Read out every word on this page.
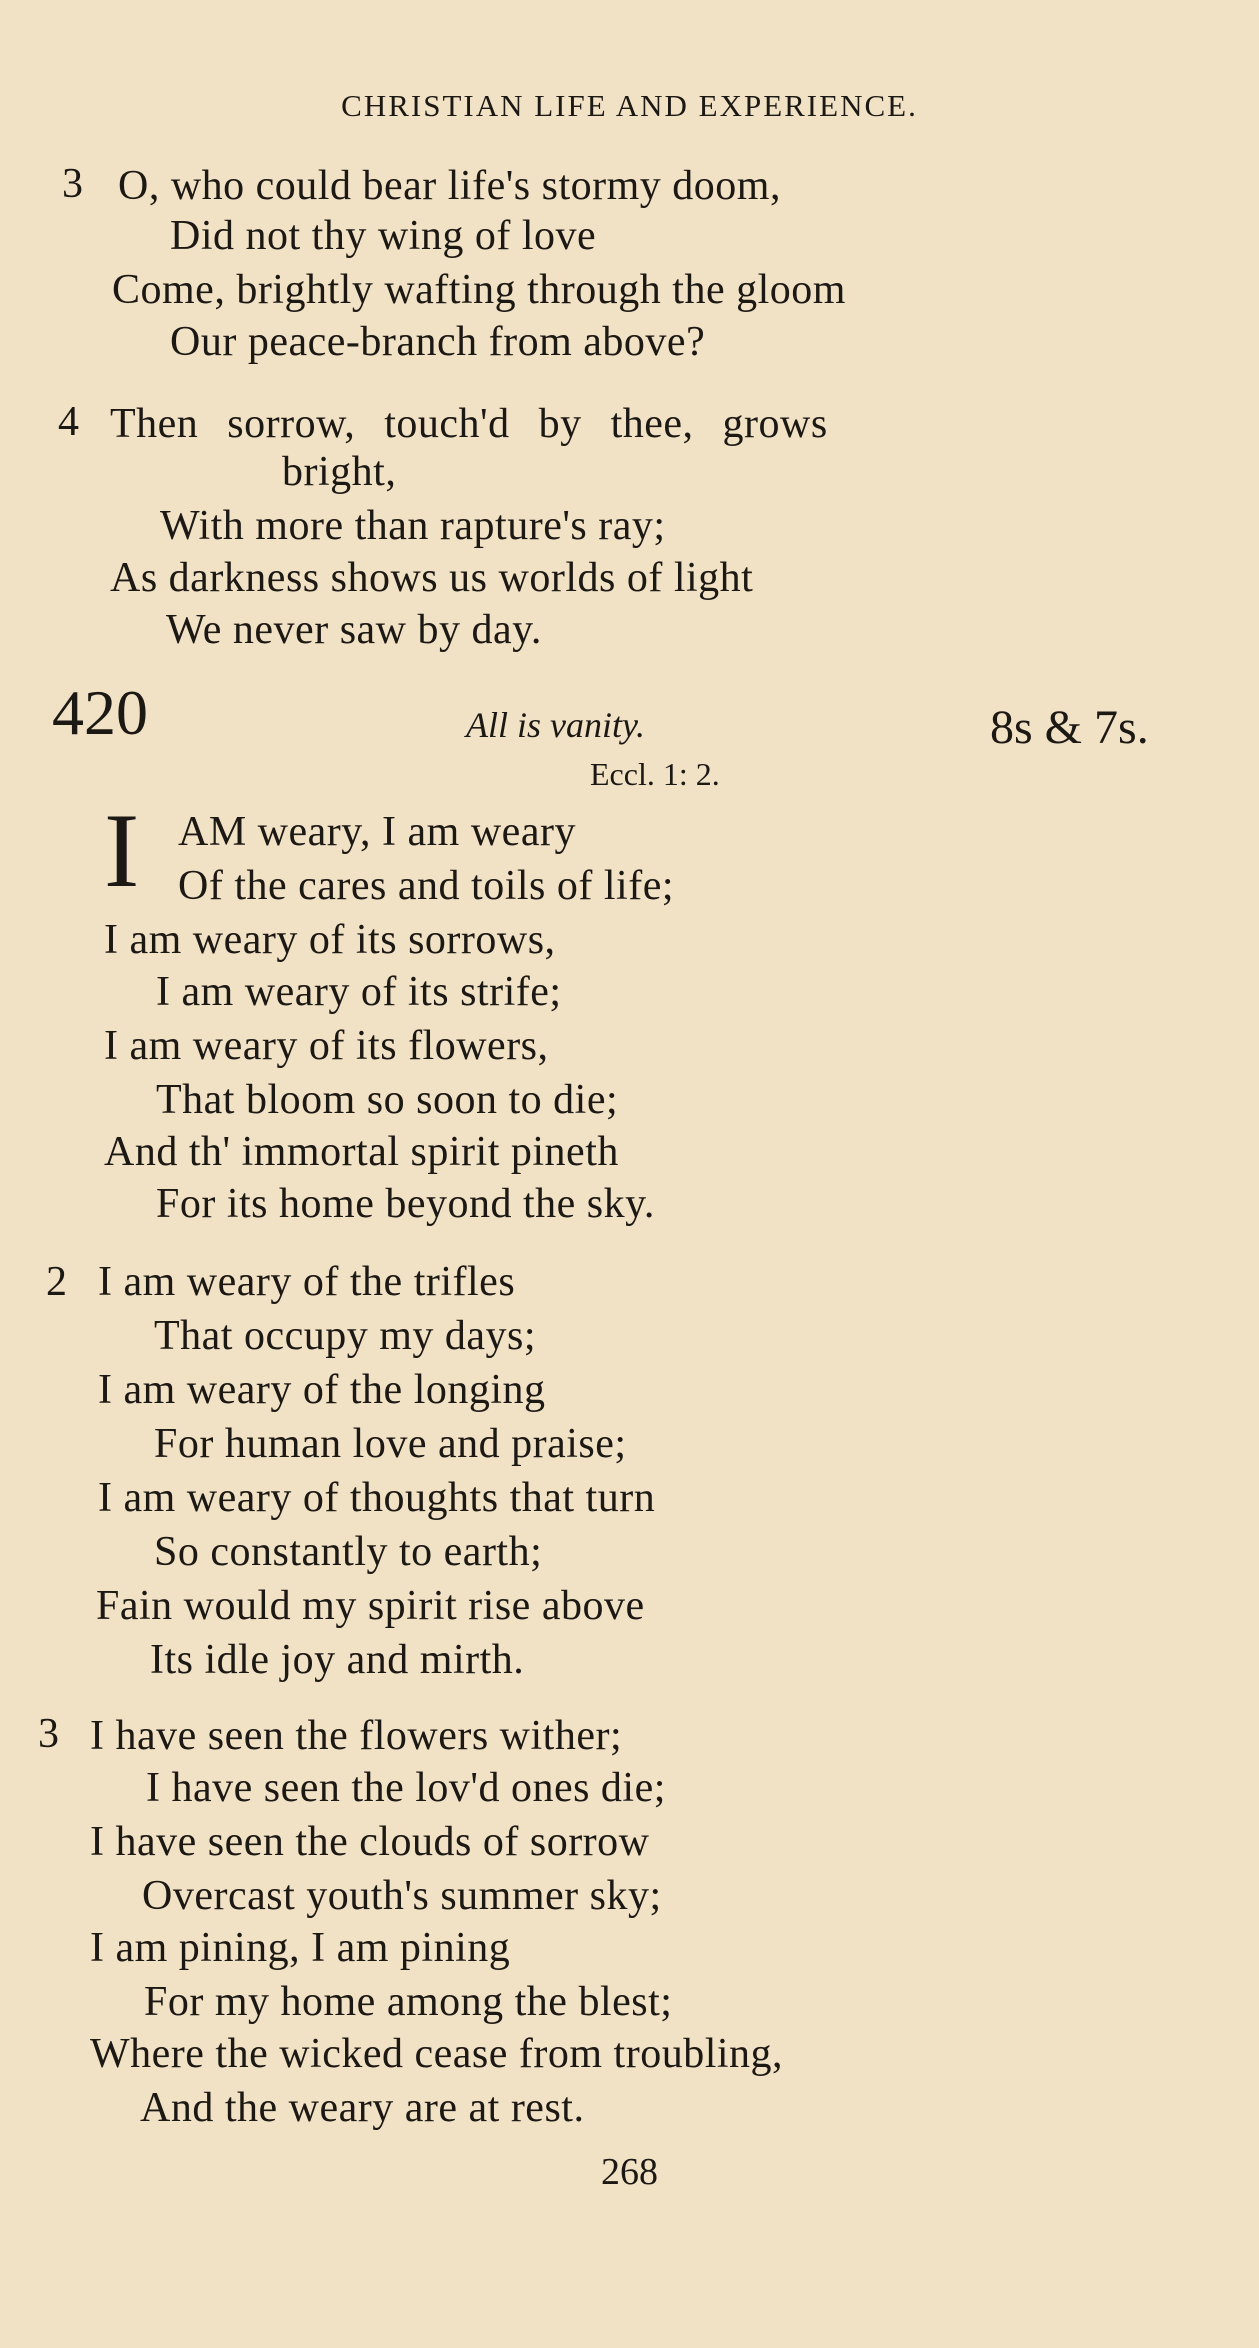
CHRISTIAN LIFE AND EXPERIENCE.
3 O, who could bear life's stormy doom,
Did not thy wing of love
Come, brightly wafting through the gloom
Our peace-branch from above?
4 Then sorrow, touch'd by thee, grows
bright,
With more than rapture's ray;
As darkness shows us worlds of light
We never saw by day.
420	All is vanity.	8s & 7s.
Eccl. 1: 2.
I AM weary, I am weary
Of the cares and toils of life;
I am weary of its sorrows,
I am weary of its strife;
I am weary of its flowers,
That bloom so soon to die;
And th' immortal spirit pineth
For its home beyond the sky.
2 I am weary of the trifles
That occupy my days;
I am weary of the longing
For human love and praise;
I am weary of thoughts that turn
So constantly to earth;
Fain would my spirit rise above
Its idle joy and mirth.
3 I have seen the flowers wither;
I have seen the lov'd ones die;
I have seen the clouds of sorrow
Overcast youth's summer sky;
I am pining, I am pining
For my home among the blest;
Where the wicked cease from troubling,
And the weary are at rest.
268
